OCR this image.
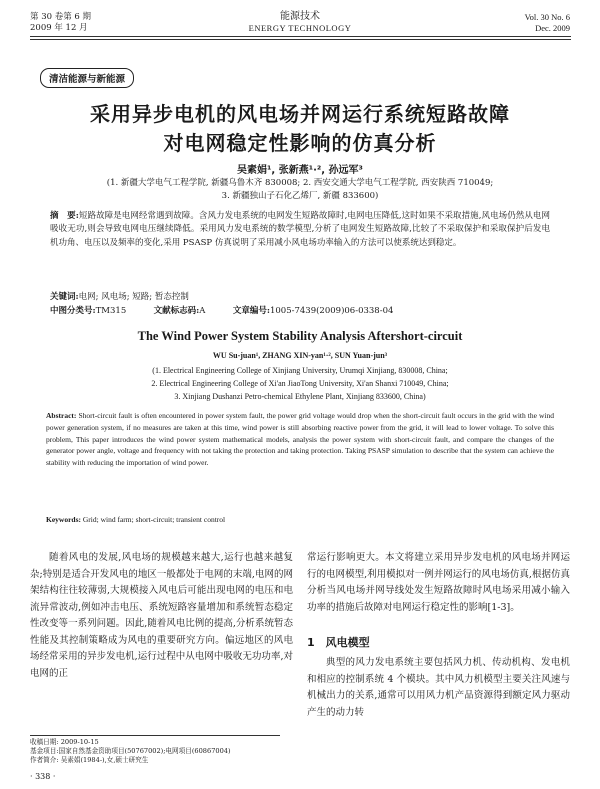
第 30 卷第 6 期
2009 年 12 月
能源技术
ENERGY TECHNOLOGY
Vol. 30 No. 6
Dec. 2009
清洁能源与新能源
采用异步电机的风电场并网运行系统短路故障
对电网稳定性影响的仿真分析
吴素娟¹, 张新燕¹·², 孙远军³
(1. 新疆大学电气工程学院, 新疆乌鲁木齐 830008; 2. 西安交通大学电气工程学院, 西安陕西 710049;
3. 新疆独山子石化乙烯厂, 新疆 833600)
摘　要:短路故障是电网经常遇到故障。含风力发电系统的电网发生短路故障时,电网电压降低,这时如果不采取措施,风电场仍然从电网吸收无功,则会导致电网电压继续降低。采用风力发电系统的数学模型,分析了电网发生短路故障,比较了不采取保护和采取保护后发电机功角、电压以及频率的变化,采用 PSASP 仿真说明了采用减小风电场功率输入的方法可以使系统达到稳定。
关键词:电网; 风电场; 短路; 暂态控制
中图分类号:TM315	文献标志码:A	文章编号:1005-7439(2009)06-0338-04
The Wind Power System Stability Analysis Aftershort-circuit
WU Su-juan¹, ZHANG XIN-yan¹·², SUN Yuan-jun³
(1. Electrical Engineering College of Xinjiang University, Urumqi Xinjiang, 830008, China;
2. Electrical Engineering College of Xi'an JiaoTong University, Xi'an Shanxi 710049, China;
3. Xinjiang Dushanzi Petro-chemical Ethylene Plant, Xinjiang 833600, China)
Abstract: Short-circuit fault is often encountered in power system fault, the power grid voltage would drop when the short-circuit fault occurs in the grid with the wind power generation system, if no measures are taken at this time, wind power is still absorbing reactive power from the grid, it will lead to lower voltage. To solve this problem, This paper introduces the wind power system mathematical models, analysis the power system with short-circuit fault, and compare the changes of the generator power angle, voltage and frequency with not taking the protection and taking protection. Taking PSASP simulation to describe that the system can achieve the stability with reducing the importation of wind power.
Keywords: Grid; wind farm; short-circuit; transient control
随着风电的发展,风电场的规模越来越大,运行也越来越复杂;特别是适合开发风电的地区一般都处于电网的末端,电网的网架结构往往较薄弱,大规模接入风电后可能出现电网的电压和电流异常波动,例如冲击电压、系统短路容量增加和系统暂态稳定性改变等一系列问题。因此,随着风电比例的提高,分析系统暂态性能及其控制策略成为风电的重要研究方向。偏远地区的风电场经常采用的异步发电机,运行过程中从电网中吸收无功功率,对电网的正
常运行影响更大。本文将建立采用异步发电机的风电场并网运行的电网模型,利用模拟对一例并网运行的风电场仿真,根据仿真分析当风电场并网导线处发生短路故障时风电场采用减小输入功率的措施后故障对电网运行稳定性的影响[1-3]。
1　风电模型
典型的风力发电系统主要包括风力机、传动机构、发电机和相应的控制系统 4 个模块。其中风力机模型主要关注风速与机械出力的关系,通常可以用风力机产品资源得到额定风力驱动产生的动力转
收稿日期: 2009-10-15
基金项目:国家自然基金资助项目(50767002);电网项目(60867004)
作者简介: 吴素娟(1984-),女,硕士研究生
· 338 ·
